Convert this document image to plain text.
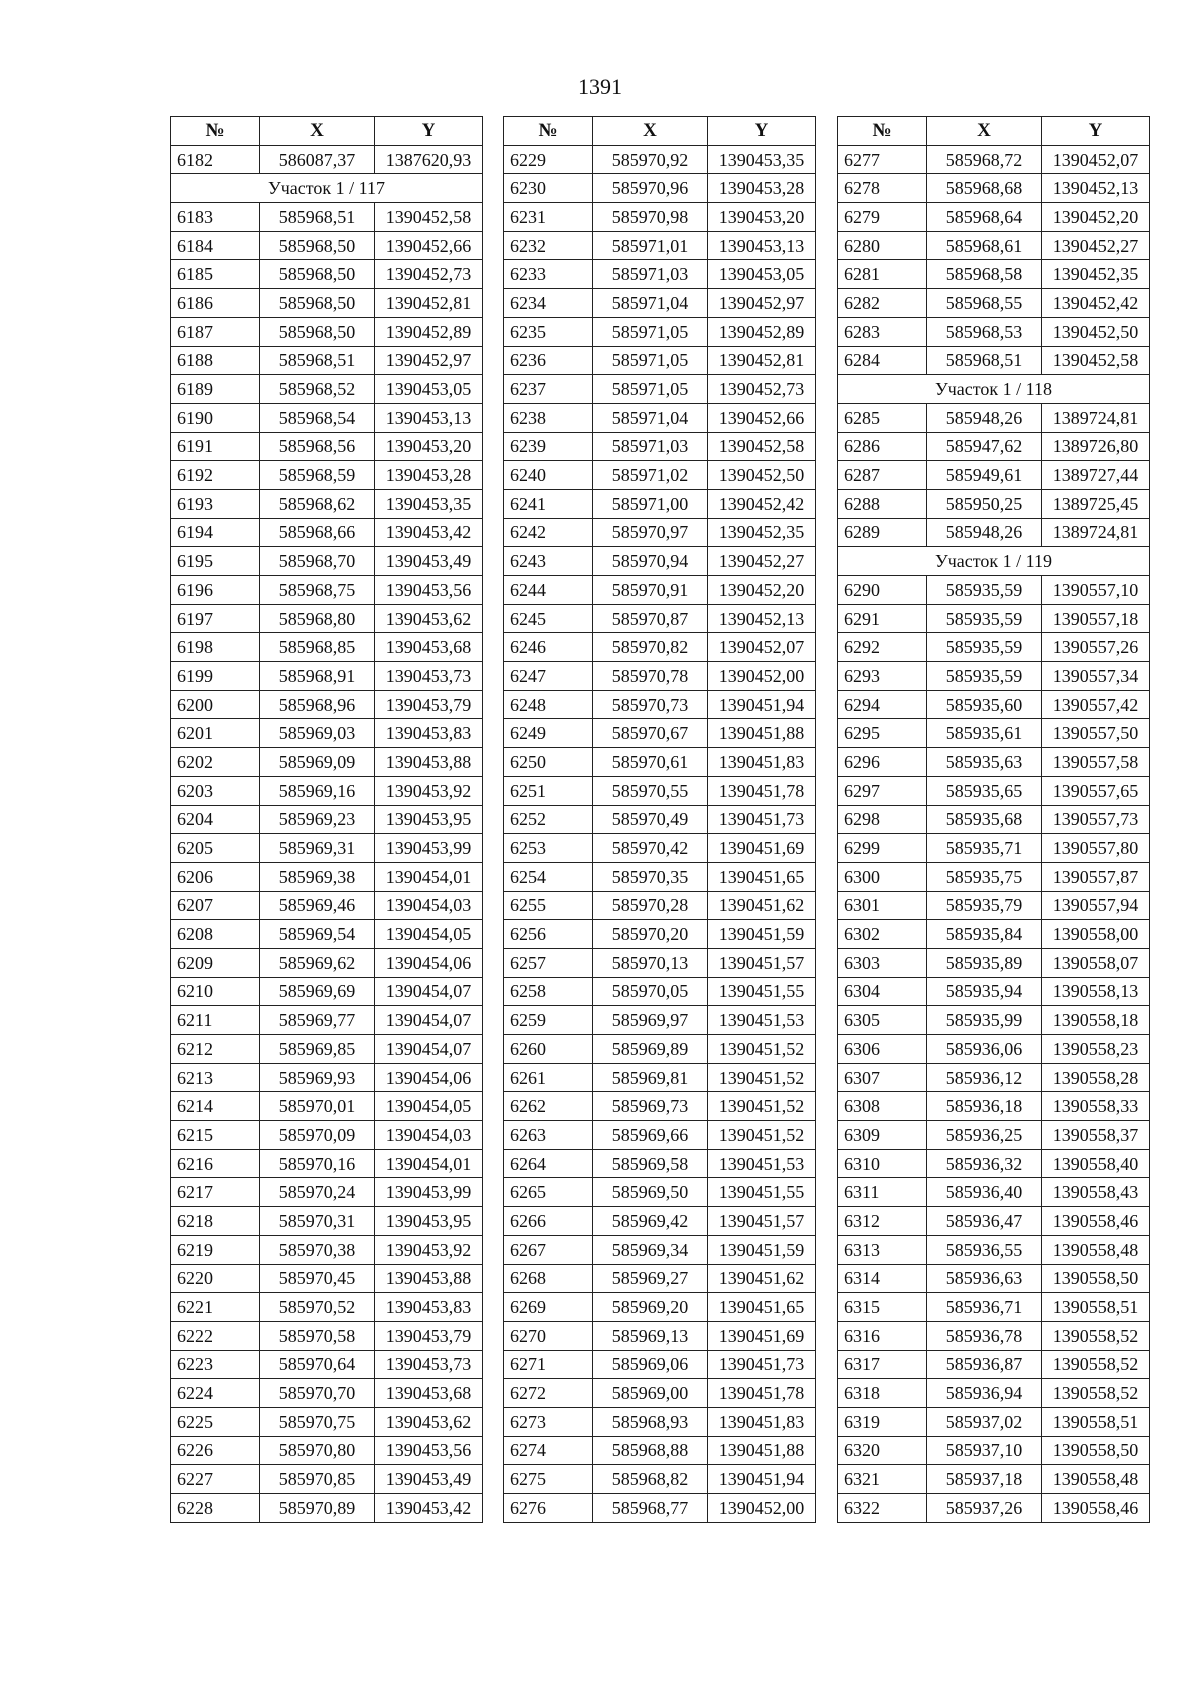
1391
№	X	Y
6182	586087,37	1387620,93
Участок 1 / 117		
6183	585968,51	1390452,58
6184	585968,50	1390452,66
6185	585968,50	1390452,73
6186	585968,50	1390452,81
6187	585968,50	1390452,89
6188	585968,51	1390452,97
6189	585968,52	1390453,05
6190	585968,54	1390453,13
6191	585968,56	1390453,20
6192	585968,59	1390453,28
6193	585968,62	1390453,35
6194	585968,66	1390453,42
6195	585968,70	1390453,49
6196	585968,75	1390453,56
6197	585968,80	1390453,62
6198	585968,85	1390453,68
6199	585968,91	1390453,73
6200	585968,96	1390453,79
6201	585969,03	1390453,83
6202	585969,09	1390453,88
6203	585969,16	1390453,92
6204	585969,23	1390453,95
6205	585969,31	1390453,99
6206	585969,38	1390454,01
6207	585969,46	1390454,03
6208	585969,54	1390454,05
6209	585969,62	1390454,06
6210	585969,69	1390454,07
6211	585969,77	1390454,07
6212	585969,85	1390454,07
6213	585969,93	1390454,06
6214	585970,01	1390454,05
6215	585970,09	1390454,03
6216	585970,16	1390454,01
6217	585970,24	1390453,99
6218	585970,31	1390453,95
6219	585970,38	1390453,92
6220	585970,45	1390453,88
6221	585970,52	1390453,83
6222	585970,58	1390453,79
6223	585970,64	1390453,73
6224	585970,70	1390453,68
6225	585970,75	1390453,62
6226	585970,80	1390453,56
6227	585970,85	1390453,49
6228	585970,89	1390453,42
№	X	Y
6229	585970,92	1390453,35
6230	585970,96	1390453,28
6231	585970,98	1390453,20
6232	585971,01	1390453,13
6233	585971,03	1390453,05
6234	585971,04	1390452,97
6235	585971,05	1390452,89
6236	585971,05	1390452,81
6237	585971,05	1390452,73
6238	585971,04	1390452,66
6239	585971,03	1390452,58
6240	585971,02	1390452,50
6241	585971,00	1390452,42
6242	585970,97	1390452,35
6243	585970,94	1390452,27
6244	585970,91	1390452,20
6245	585970,87	1390452,13
6246	585970,82	1390452,07
6247	585970,78	1390452,00
6248	585970,73	1390451,94
6249	585970,67	1390451,88
6250	585970,61	1390451,83
6251	585970,55	1390451,78
6252	585970,49	1390451,73
6253	585970,42	1390451,69
6254	585970,35	1390451,65
6255	585970,28	1390451,62
6256	585970,20	1390451,59
6257	585970,13	1390451,57
6258	585970,05	1390451,55
6259	585969,97	1390451,53
6260	585969,89	1390451,52
6261	585969,81	1390451,52
6262	585969,73	1390451,52
6263	585969,66	1390451,52
6264	585969,58	1390451,53
6265	585969,50	1390451,55
6266	585969,42	1390451,57
6267	585969,34	1390451,59
6268	585969,27	1390451,62
6269	585969,20	1390451,65
6270	585969,13	1390451,69
6271	585969,06	1390451,73
6272	585969,00	1390451,78
6273	585968,93	1390451,83
6274	585968,88	1390451,88
6275	585968,82	1390451,94
6276	585968,77	1390452,00
№	X	Y
6277	585968,72	1390452,07
6278	585968,68	1390452,13
6279	585968,64	1390452,20
6280	585968,61	1390452,27
6281	585968,58	1390452,35
6282	585968,55	1390452,42
6283	585968,53	1390452,50
6284	585968,51	1390452,58
Участок 1 / 118		
6285	585948,26	1389724,81
6286	585947,62	1389726,80
6287	585949,61	1389727,44
6288	585950,25	1389725,45
6289	585948,26	1389724,81
Участок 1 / 119		
6290	585935,59	1390557,10
6291	585935,59	1390557,18
6292	585935,59	1390557,26
6293	585935,59	1390557,34
6294	585935,60	1390557,42
6295	585935,61	1390557,50
6296	585935,63	1390557,58
6297	585935,65	1390557,65
6298	585935,68	1390557,73
6299	585935,71	1390557,80
6300	585935,75	1390557,87
6301	585935,79	1390557,94
6302	585935,84	1390558,00
6303	585935,89	1390558,07
6304	585935,94	1390558,13
6305	585935,99	1390558,18
6306	585936,06	1390558,23
6307	585936,12	1390558,28
6308	585936,18	1390558,33
6309	585936,25	1390558,37
6310	585936,32	1390558,40
6311	585936,40	1390558,43
6312	585936,47	1390558,46
6313	585936,55	1390558,48
6314	585936,63	1390558,50
6315	585936,71	1390558,51
6316	585936,78	1390558,52
6317	585936,87	1390558,52
6318	585936,94	1390558,52
6319	585937,02	1390558,51
6320	585937,10	1390558,50
6321	585937,18	1390558,48
6322	585937,26	1390558,46
